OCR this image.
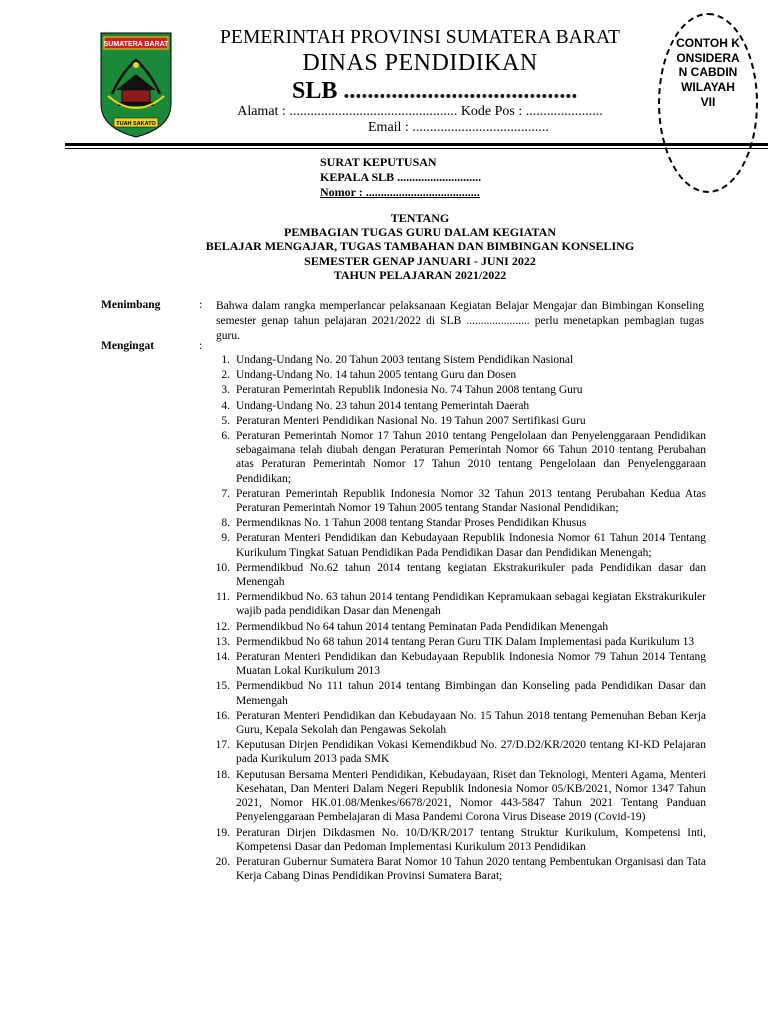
SUMATERA BARAT
TUAH SAKATO
PEMERINTAH PROVINSI SUMATERA BARAT
DINAS PENDIDIKAN
SLB .......................................
Alamat : ................................................ Kode Pos : ......................
Email : .......................................
CONTOH KONSIDERAN CABDIN WILAYAH VII
SURAT KEPUTUSAN
KEPALA SLB ............................
Nomor : ......................................
TENTANG
PEMBAGIAN TUGAS GURU DALAM KEGIATAN
BELAJAR MENGAJAR, TUGAS TAMBAHAN DAN BIMBINGAN KONSELING
SEMESTER GENAP JANUARI - JUNI 2022
TAHUN PELAJARAN 2021/2022
Menimbang	: Bahwa dalam rangka memperlancar pelaksanaan Kegiatan Belajar Mengajar dan Bimbingan Konseling semester genap tahun pelajaran 2021/2022 di SLB ...................... perlu menetapkan pembagian tugas guru.
Mengingat	:
1. Undang-Undang No. 20 Tahun 2003 tentang Sistem Pendidikan Nasional
2. Undang-Undang No. 14 tahun 2005 tentang Guru dan Dosen
3. Peraturan Pemerintah Republik Indonesia No. 74 Tahun 2008 tentang Guru
4. Undang-Undang No. 23 tahun 2014 tentang Pemerintah Daerah
5. Peraturan Menteri Pendidikan Nasional No. 19 Tahun 2007 Sertifikasi Guru
6. Peraturan Pemerintah Nomor 17 Tahun 2010 tentang Pengelolaan dan Penyelenggaraan Pendidikan sebagaimana telah diubah dengan Peraturan Pemerintah Nomor 66 Tahun 2010 tentang Perubahan atas Peraturan Pemerintah Nomor 17 Tahun 2010 tentang Pengelolaan dan Penyelenggaraan Pendidikan;
7. Peraturan Pemerintah Republik Indonesia Nomor 32 Tahun 2013 tentang Perubahan Kedua Atas Peraturan Pemerintah Nomor 19 Tahun 2005 tentang Standar Nasional Pendidikan;
8. Permendiknas No. 1 Tahun 2008 tentang Standar Proses Pendidikan Khusus
9. Peraturan Menteri Pendidikan dan Kebudayaan Republik Indonesia Nomor 61 Tahun 2014 Tentang Kurikulum Tingkat Satuan Pendidikan Pada Pendidikan Dasar dan Pendidikan Menengah;
10. Permendikbud No.62 tahun 2014 tentang kegiatan Ekstrakurikuler pada Pendidikan dasar dan Menengah
11. Permendikbud No. 63 tahun 2014 tentang Pendidikan Kepramukaan sebagai kegiatan Ekstrakurikuler wajib pada pendidikan Dasar dan Menengah
12. Permendikbud No 64 tahun 2014 tentang Peminatan Pada Pendidikan Menengah
13. Permendikbud No 68 tahun 2014 tentang Peran Guru TIK Dalam Implementasi pada Kurikulum 13
14. Peraturan Menteri Pendidikan dan Kebudayaan Republik Indonesia Nomor 79 Tahun 2014 Tentang Muatan Lokal Kurikulum 2013
15. Permendikbud No 111 tahun 2014 tentang Bimbingan dan Konseling pada Pendidikan Dasar dan Memengah
16. Peraturan Menteri Pendidikan dan Kebudayaan No. 15 Tahun 2018 tentang Pemenuhan Beban Kerja Guru, Kepala Sekolah dan Pengawas Sekolah
17. Keputusan Dirjen Pendidikan Vokasi Kemendikbud No. 27/D.D2/KR/2020 tentang KI-KD Pelajaran pada Kurikulum 2013 pada SMK
18. Keputusan Bersama Menteri Pendidikan, Kebudayaan, Riset dan Teknologi, Menteri Agama, Menteri Kesehatan, Dan Menteri Dalam Negeri Republik Indonesia Nomor 05/KB/2021, Nomor 1347 Tahun 2021, Nomor HK.01.08/Menkes/6678/2021, Nomor 443-5847 Tahun 2021 Tentang Panduan Penyelenggaraan Pembelajaran di Masa Pandemi Corona Virus Disease 2019 (Covid-19)
19. Peraturan Dirjen Dikdasmen No. 10/D/KR/2017 tentang Struktur Kurikulum, Kompetensi Inti, Kompetensi Dasar dan Pedoman Implementasi Kurikulum 2013 Pendidikan
20. Peraturan Gubernur Sumatera Barat Nomor 10 Tahun 2020 tentang Pembentukan Organisasi dan Tata Kerja Cabang Dinas Pendidikan Provinsi Sumatera Barat;
